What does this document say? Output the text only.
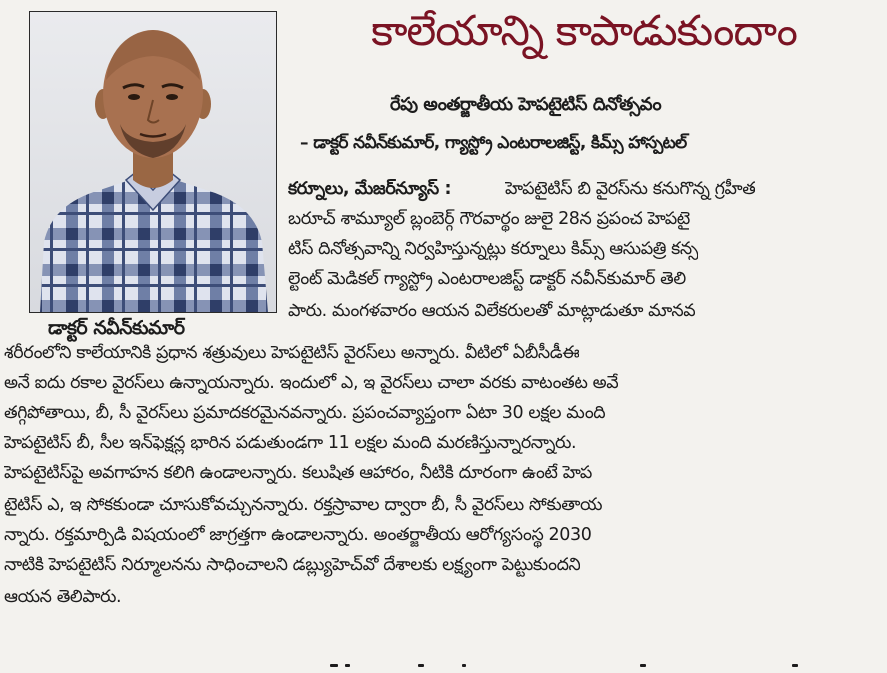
డాక్టర్ నవీన్‌కుమార్
కాలేయాన్ని కాపాడుకుందాం
రేపు అంతర్జాతీయ హెపటైటిస్ దినోత్సవం
– డాక్టర్ నవీన్‌కుమార్, గ్యాస్ట్రో ఎంటరాలజిస్ట్, కిమ్స్ హాస్పటల్
కర్నూలు, మేజర్‌న్యూస్ :	హెపటైటిస్ బి వైరస్‌ను కనుగొన్న గ్రహీత
బరూచ్ శామ్యూల్ బ్లంబెర్గ్ గౌరవార్థం జులై 28న ప్రపంచ హెపటై
టిస్ దినోత్సవాన్ని నిర్వహిస్తున్నట్లు కర్నూలు కిమ్స్ ఆసుపత్రి కన్స
ల్టెంట్ మెడికల్ గ్యాస్ట్రో ఎంటరాలజిస్ట్ డాక్టర్ నవీన్‌కుమార్ తెలి
పారు. మంగళవారం ఆయన విలేకరులతో మాట్లాడుతూ మానవ
శరీరంలోని కాలేయానికి ప్రధాన శత్రువులు హెపటైటిస్ వైరస్‌లు అన్నారు. వీటిలో ఏబీసీడీఈ
అనే ఐదు రకాల వైరస్‌లు ఉన్నాయన్నారు. ఇందులో ఎ, ఇ వైరస్‌లు చాలా వరకు వాటంతట అవే
తగ్గిపోతాయి, బీ, సీ వైరస్‌లు ప్రమాదకరమైనవన్నారు. ప్రపంచవ్యాప్తంగా ఏటా 30 లక్షల మంది
హెపటైటిస్ బీ, సీల ఇన్‌ఫెక్షన్ల భారిన పడుతుండగా 11 లక్షల మంది మరణిస్తున్నారన్నారు.
హెపటైటిస్‌పై అవగాహన కలిగి ఉండాలన్నారు. కలుషిత ఆహారం, నీటికి దూరంగా ఉంటే హెప
టైటిస్ ఎ, ఇ సోకకుండా చూసుకోవచ్చునన్నారు. రక్తస్రావాల ద్వారా బీ, సీ వైరస్‌లు సోకుతాయ
న్నారు. రక్తమార్పిడి విషయంలో జాగ్రత్తగా ఉండాలన్నారు. అంతర్జాతీయ ఆరోగ్యసంస్థ 2030
నాటికి హెపటైటిస్ నిర్మూలనను సాధించాలని డబ్ల్యుహెచ్‌వో దేశాలకు లక్ష్యంగా పెట్టుకుందని
ఆయన తెలిపారు.
